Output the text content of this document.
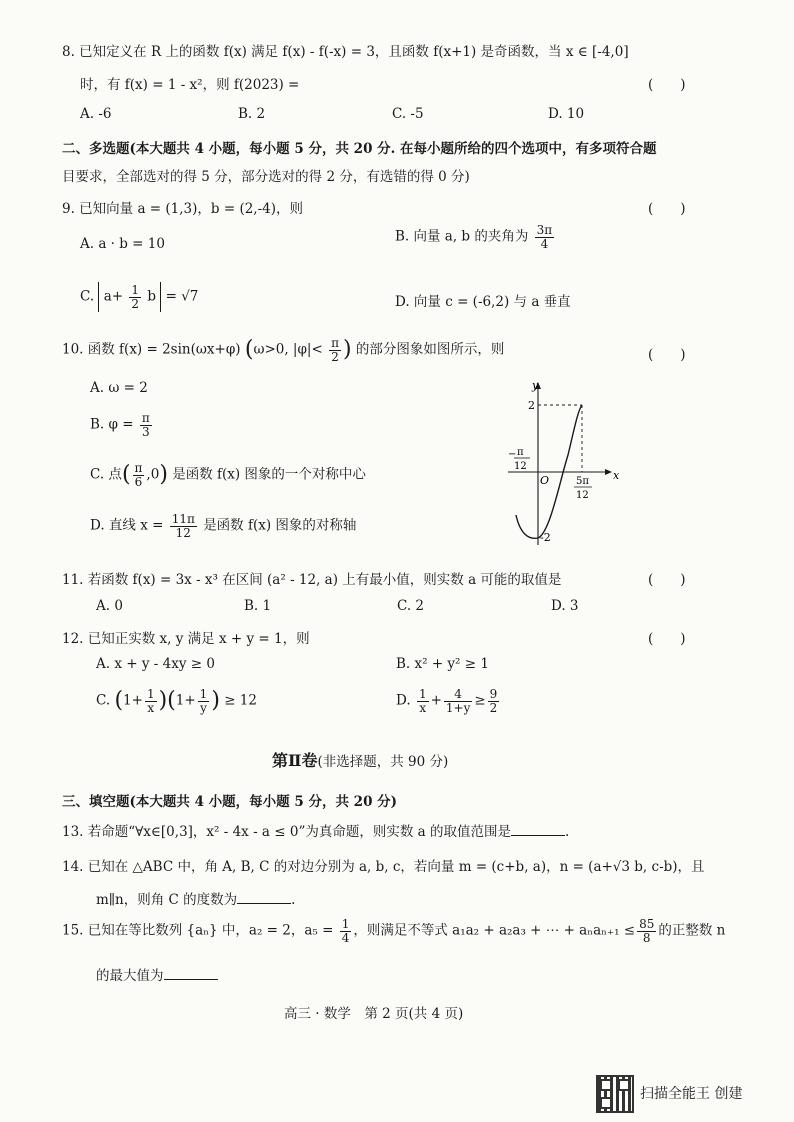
8. 已知定义在 R 上的函数 f(x) 满足 f(x) - f(-x) = 3，且函数 f(x+1) 是奇函数，当 x ∈ [-4,0]
时，有 f(x) = 1 - x²，则 f(2023) =	(　　)
A. -6	B. 2	C. -5	D. 10
二、多选题(本大题共 4 小题，每小题 5 分，共 20 分. 在每小题所给的四个选项中，有多项符合题
目要求，全部选对的得 5 分，部分选对的得 2 分，有选错的得 0 分)
9. 已知向量 a = (1,3)，b = (2,-4)，则	(　　)
A. a · b = 10	B. 向量 a, b 的夹角为 $\frac{3\pi}{4}$
C. $a+ \frac{1}{2}$ b = √7	D. 向量 c = (-6,2) 与 a 垂直
10. 函数 f(x) = 2sin(ωx+φ) (ω>0, $|\varphi|< \frac{\pi}{2}$ ) 的部分图象如图所示，则	(　　)
A. ω = 2
B. $\varphi = \frac{\pi}{3}$
C. 点( $\frac{\pi}{6} ,0$) 是函数 f(x) 图象的一个对称中心
D. 直线 $x = \frac{11\pi}{12}$ 是函数 f(x) 图象的对称轴
y
x
O
2
-2
− π
12
5π
12
11. 若函数 f(x) = 3x - x³ 在区间 (a² - 12, a) 上有最小值，则实数 a 可能的取值是	(　　)
A. 0	B. 1	C. 2	D. 3
12. 已知正实数 x, y 满足 x + y = 1，则	(　　)
A. x + y - 4xy ≥ 0	B. x² + y² ≥ 1
C. $(1+ \frac{1}{x} )(1+ \frac{1}{y}$ ) ≥ 12	D. $\frac{1}{x} + \frac{4}{1+y} \ge \frac{9}{2}$
第Ⅱ卷(非选择题，共 90 分)
三、填空题(本大题共 4 小题，每小题 5 分，共 20 分)
13. 若命题“∀x∈[0,3]，x² - 4x - a ≤ 0”为真命题，则实数 a 的取值范围是	.
14. 已知在 △ABC 中，角 A, B, C 的对边分别为 a, b, c，若向量 m = (c+b, a)，n = (a+√3 b, c-b)，且
m∥n，则角 C 的度数为	.
15. 已知在等比数列 {aₙ} 中，a₂ = 2，$a_5 = \frac{1}{4}$ ，则满足不等式 a₁a₂ + a₂a₃ + ⋯ + $a_na_{n+1} \le \frac{85}{8}$ 的正整数 n
的最大值为
高三 · 数学　第 2 页(共 4 页)
扫描全能王 创建
